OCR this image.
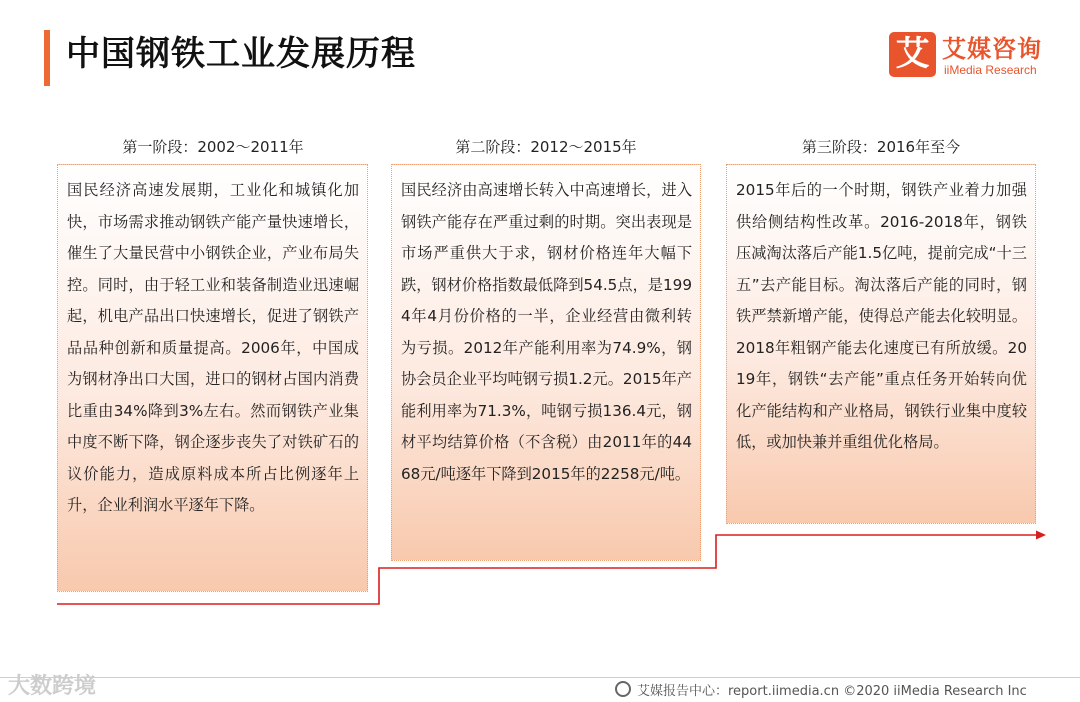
中国钢铁工业发展历程	艾 艾媒咨询
iiMedia Research
第一阶段：2002～2011年	第二阶段：2012～2015年	第三阶段：2016年至今

国民经济高速发展期，工业化和城镇化加快，市场需求推动钢铁产能产量快速增长，催生了大量民营中小钢铁企业，产业布局失控。同时，由于轻工业和装备制造业迅速崛起，机电产品出口快速增长，促进了钢铁产品品种创新和质量提高。2006年，中国成为钢材净出口大国，进口的钢材占国内消费比重由34%降到3%左右。然而钢铁产业集中度不断下降，钢企逐步丧失了对铁矿石的议价能力，造成原料成本所占比例逐年上升，企业利润水平逐年下降。

国民经济由高速增长转入中高速增长，进入钢铁产能存在严重过剩的时期。突出表现是市场严重供大于求，钢材价格连年大幅下跌，钢材价格指数最低降到54.5点，是1994年4月份价格的一半，企业经营由微利转为亏损。2012年产能利用率为74.9%，钢协会员企业平均吨钢亏损1.2元。2015年产能利用率为71.3%，吨钢亏损136.4元，钢材平均结算价格（不含税）由2011年的4468元/吨逐年下降到2015年的2258元/吨。

2015年后的一个时期，钢铁产业着力加强供给侧结构性改革。2016-2018年，钢铁压减淘汰落后产能1.5亿吨，提前完成“十三五”去产能目标。淘汰落后产能的同时，钢铁严禁新增产能，使得总产能去化较明显。2018年粗钢产能去化速度已有所放缓。2019年，钢铁“去产能”重点任务开始转向优化产能结构和产业格局，钢铁行业集中度较低，或加快兼并重组优化格局。

大数跨境	艾媒报告中心：report.iimedia.cn ©2020 iiMedia Research Inc
